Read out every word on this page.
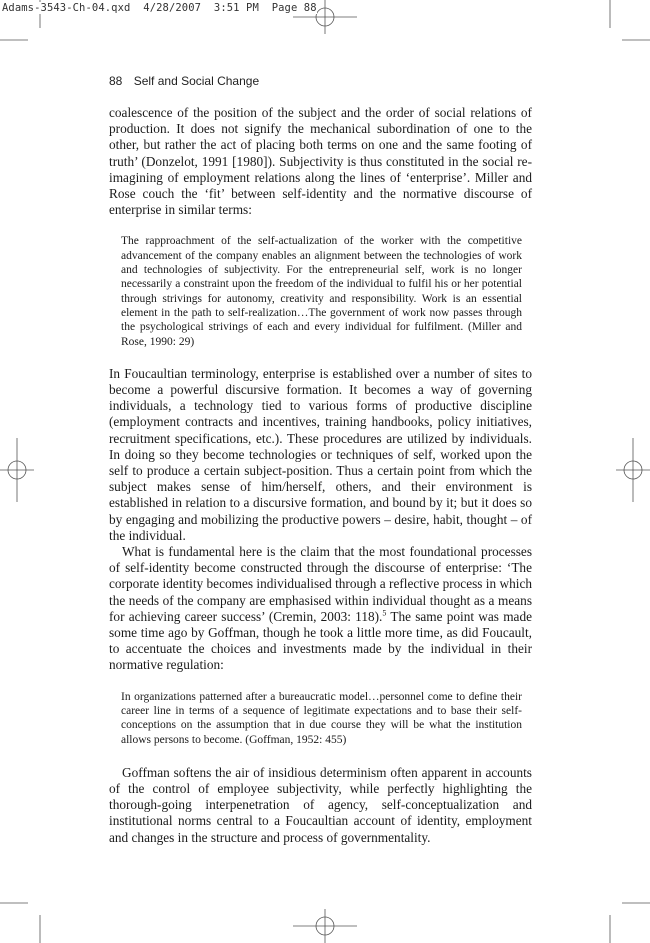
Adams-3543-Ch-04.qxd  4/28/2007  3:51 PM  Page 88
88 Self and Social Change

coalescence of the position of the subject and the order of social relations of production. It does not signify the mechanical subordination of one to the other, but rather the act of placing both terms on one and the same footing of truth’ (Donzelot, 1991 [1980]). Subjectivity is thus constituted in the social re-imagining of employment relations along the lines of ‘enterprise’. Miller and Rose couch the ‘fit’ between self-identity and the normative discourse of enterprise in similar terms:

The rapproachment of the self-actualization of the worker with the competitive advancement of the company enables an alignment between the technologies of work and technologies of subjectivity. For the entrepreneurial self, work is no longer necessarily a constraint upon the freedom of the individual to fulfil his or her potential through strivings for autonomy, creativity and responsibility. Work is an essential element in the path to self-realization…The government of work now passes through the psychological strivings of each and every individual for fulfilment. (Miller and Rose, 1990: 29)

In Foucaultian terminology, enterprise is established over a number of sites to become a powerful discursive formation. It becomes a way of governing individuals, a technology tied to various forms of productive discipline (employment contracts and incentives, training handbooks, policy initiatives, recruitment specifications, etc.). These procedures are utilized by individuals. In doing so they become technologies or techniques of self, worked upon the self to produce a certain subject-position. Thus a certain point from which the subject makes sense of him/herself, others, and their environment is established in relation to a discursive formation, and bound by it; but it does so by engaging and mobilizing the productive powers – desire, habit, thought – of the individual.

What is fundamental here is the claim that the most foundational processes of self-identity become constructed through the discourse of enterprise: ‘The corporate identity becomes individualised through a reflective process in which the needs of the company are emphasised within individual thought as a means for achieving career success’ (Cremin, 2003: 118).$^5$ The same point was made some time ago by Goffman, though he took a little more time, as did Foucault, to accentuate the choices and investments made by the individual in their normative regulation:

In organizations patterned after a bureaucratic model…personnel come to define their career line in terms of a sequence of legitimate expectations and to base their self-conceptions on the assumption that in due course they will be what the institution allows persons to become. (Goffman, 1952: 455)

Goffman softens the air of insidious determinism often apparent in accounts of the control of employee subjectivity, while perfectly highlighting the thorough-going interpenetration of agency, self-conceptualization and institutional norms central to a Foucaultian account of identity, employment and changes in the structure and process of governmentality.
